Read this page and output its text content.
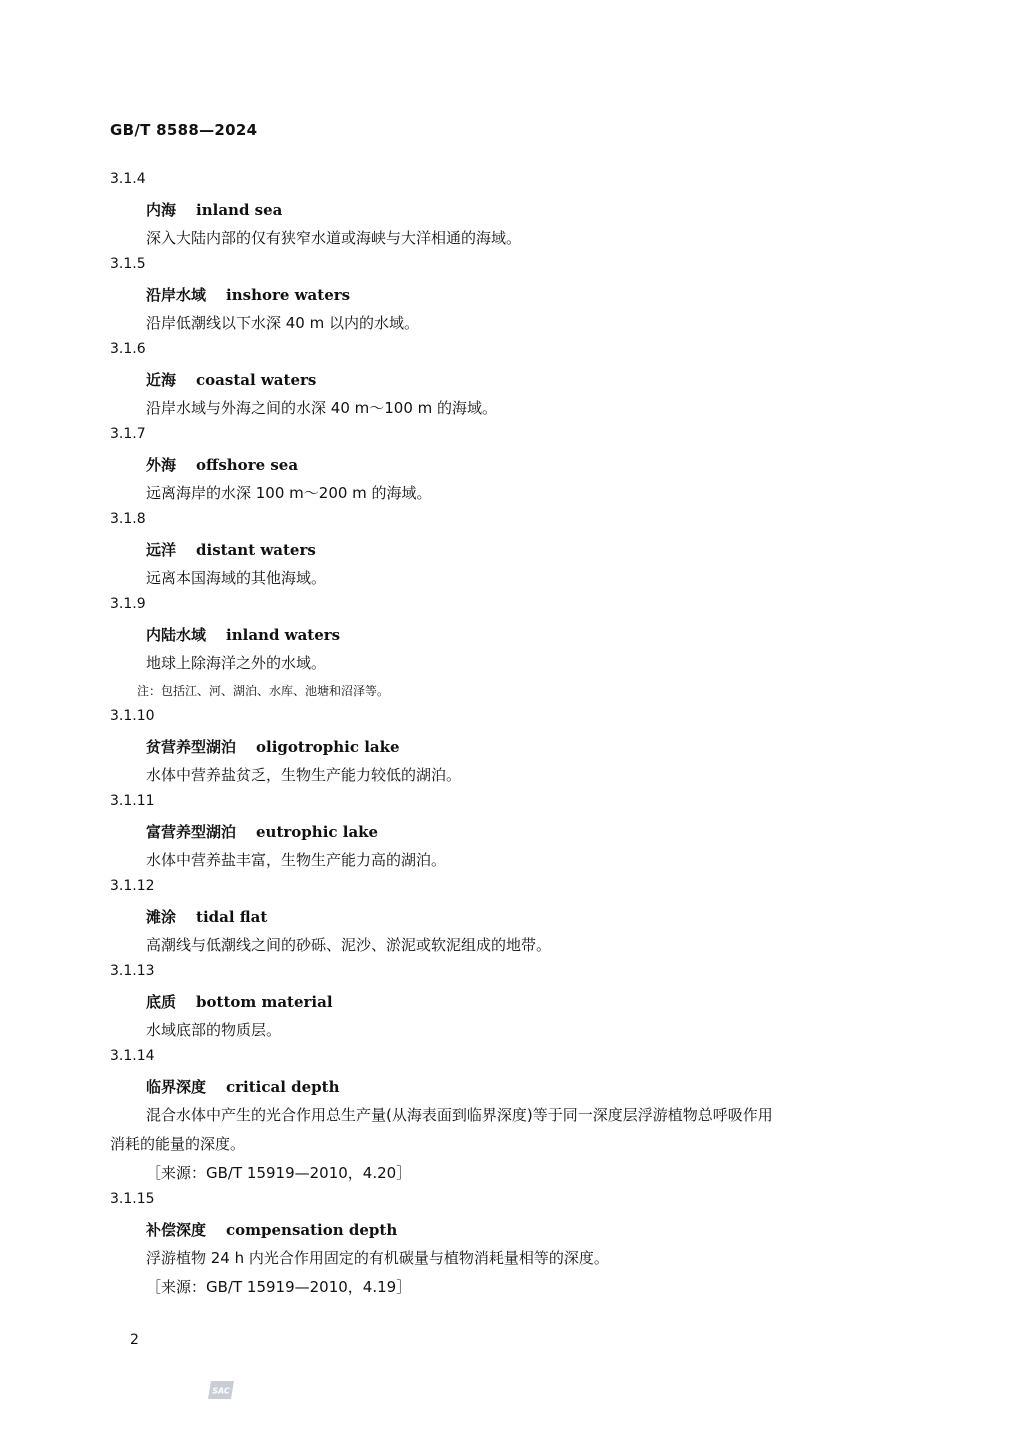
GB/T 8588—2024
3.1.4
内海 inland sea
深入大陆内部的仅有狭窄水道或海峡与大洋相通的海域。
3.1.5
沿岸水域 inshore waters
沿岸低潮线以下水深 40 m 以内的水域。
3.1.6
近海 coastal waters
沿岸水域与外海之间的水深 40 m～100 m 的海域。
3.1.7
外海 offshore sea
远离海岸的水深 100 m～200 m 的海域。
3.1.8
远洋 distant waters
远离本国海域的其他海域。
3.1.9
内陆水域 inland waters
地球上除海洋之外的水域。
注：包括江、河、湖泊、水库、池塘和沼泽等。
3.1.10
贫营养型湖泊 oligotrophic lake
水体中营养盐贫乏，生物生产能力较低的湖泊。
3.1.11
富营养型湖泊 eutrophic lake
水体中营养盐丰富，生物生产能力高的湖泊。
3.1.12
滩涂 tidal flat
高潮线与低潮线之间的砂砾、泥沙、淤泥或软泥组成的地带。
3.1.13
底质 bottom material
水域底部的物质层。
3.1.14
临界深度 critical depth
混合水体中产生的光合作用总生产量(从海表面到临界深度)等于同一深度层浮游植物总呼吸作用
消耗的能量的深度。
［来源：GB/T 15919—2010，4.20］
3.1.15
补偿深度 compensation depth
浮游植物 24 h 内光合作用固定的有机碳量与植物消耗量相等的深度。
［来源：GB/T 15919—2010，4.19］
2
SAC
